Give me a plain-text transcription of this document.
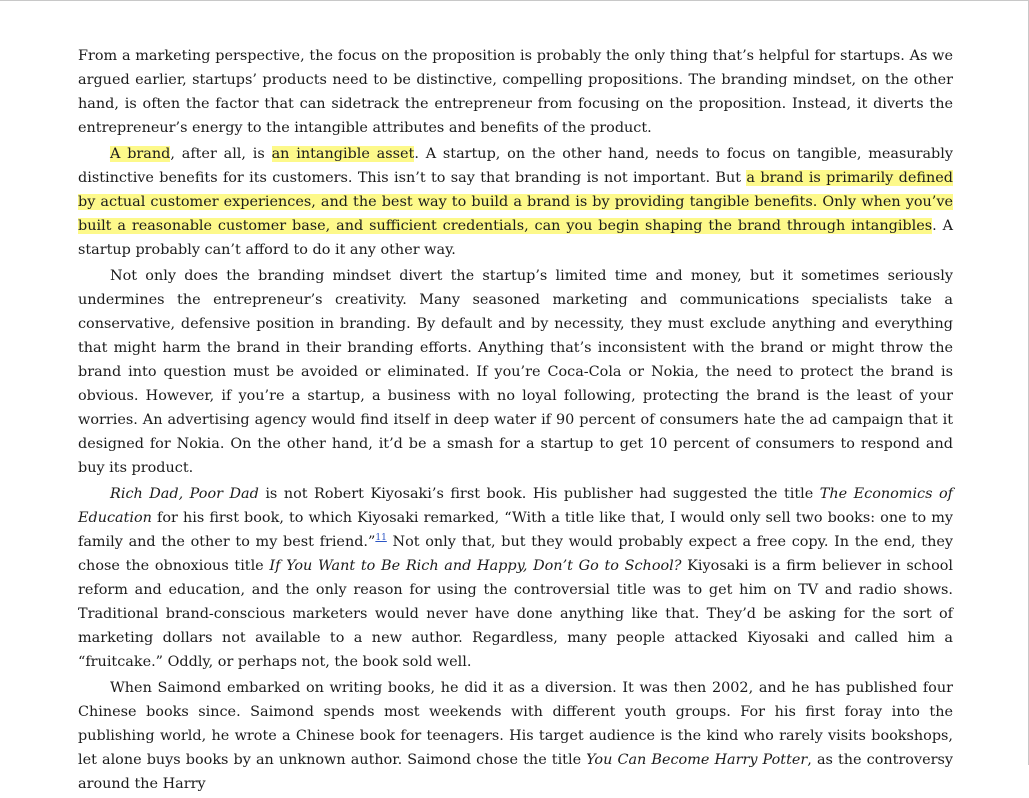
From a marketing perspective, the focus on the proposition is probably the only thing that’s helpful for startups. As we argued earlier, startups’ products need to be distinctive, compelling propositions. The branding mindset, on the other hand, is often the factor that can sidetrack the entrepreneur from focusing on the proposition. Instead, it diverts the entrepreneur’s energy to the intangible attributes and benefits of the product.

A brand, after all, is an intangible asset. A startup, on the other hand, needs to focus on tangible, measurably distinctive benefits for its customers. This isn’t to say that branding is not important. But a brand is primarily defined by actual customer experiences, and the best way to build a brand is by providing tangible benefits. Only when you’ve built a reasonable customer base, and sufficient credentials, can you begin shaping the brand through intangibles. A startup probably can’t afford to do it any other way.

Not only does the branding mindset divert the startup’s limited time and money, but it sometimes seriously undermines the entrepreneur’s creativity. Many seasoned marketing and communications specialists take a conservative, defensive position in branding. By default and by necessity, they must exclude anything and everything that might harm the brand in their branding efforts. Anything that’s inconsistent with the brand or might throw the brand into question must be avoided or eliminated. If you’re Coca-Cola or Nokia, the need to protect the brand is obvious. However, if you’re a startup, a business with no loyal following, protecting the brand is the least of your worries. An advertising agency would find itself in deep water if 90 percent of consumers hate the ad campaign that it designed for Nokia. On the other hand, it’d be a smash for a startup to get 10 percent of consumers to respond and buy its product.

Rich Dad, Poor Dad is not Robert Kiyosaki’s first book. His publisher had suggested the title The Economics of Education for his first book, to which Kiyosaki remarked, “With a title like that, I would only sell two books: one to my family and the other to my best friend.”$^{11}$ Not only that, but they would probably expect a free copy. In the end, they chose the obnoxious title If You Want to Be Rich and Happy, Don’t Go to School? Kiyosaki is a firm believer in school reform and education, and the only reason for using the controversial title was to get him on TV and radio shows. Traditional brand-conscious marketers would never have done anything like that. They’d be asking for the sort of marketing dollars not available to a new author. Regardless, many people attacked Kiyosaki and called him a “fruitcake.” Oddly, or perhaps not, the book sold well.

When Saimond embarked on writing books, he did it as a diversion. It was then 2002, and he has published four Chinese books since. Saimond spends most weekends with different youth groups. For his first foray into the publishing world, he wrote a Chinese book for teenagers. His target audience is the kind who rarely visits bookshops, let alone buys books by an unknown author. Saimond chose the title You Can Become Harry Potter, as the controversy around the Harry
